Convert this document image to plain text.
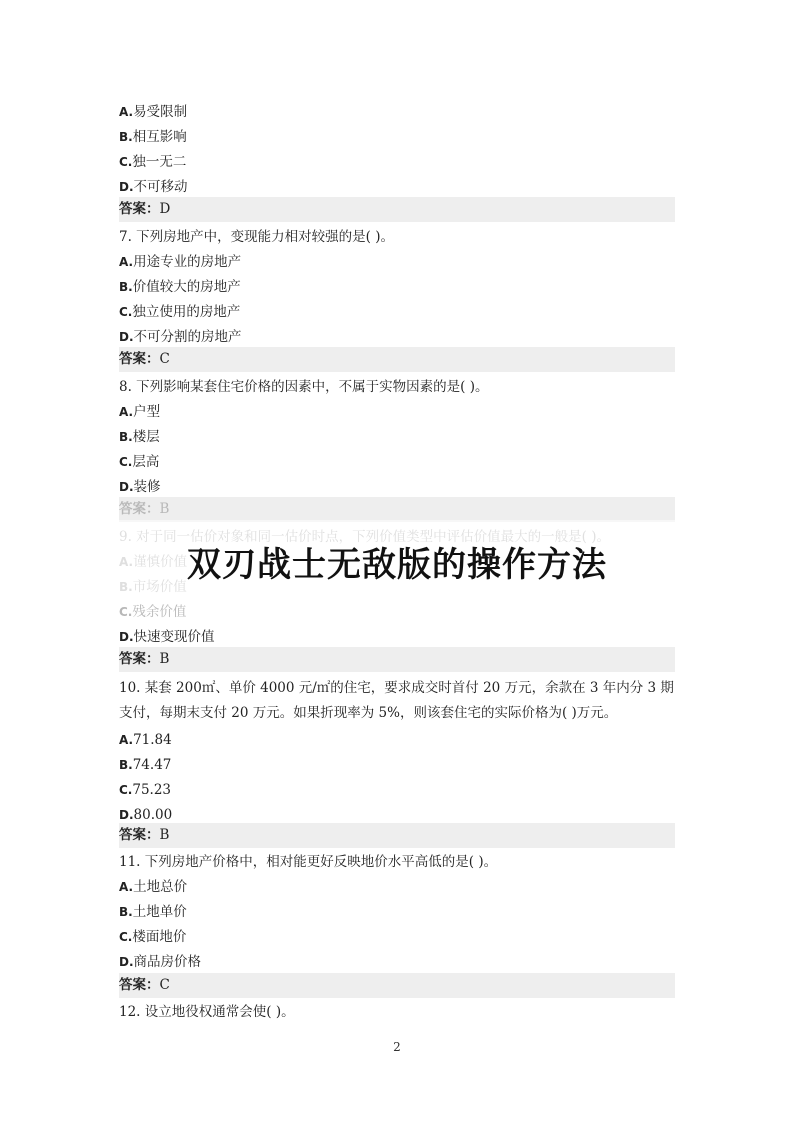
A.易受限制
B.相互影响
C.独一无二
D.不可移动
答案：D
7. 下列房地产中，变现能力相对较强的是( )。
A.用途专业的房地产
B.价值较大的房地产
C.独立使用的房地产
D.不可分割的房地产
答案：C
8. 下列影响某套住宅价格的因素中，不属于实物因素的是( )。
A.户型
B.楼层
C.层高
D.装修
答案：B
C.残余价值
D.快速变现价值
答案：B
10. 某套 200㎡、单价 4000 元/㎡的住宅，要求成交时首付 20 万元，余款在 3 年内分 3 期
支付，每期末支付 20 万元。如果折现率为 5%，则该套住宅的实际价格为( )万元。
A.71.84
B.74.47
C.75.23
D.80.00
答案：B
11. 下列房地产价格中，相对能更好反映地价水平高低的是( )。
A.土地总价
B.土地单价
C.楼面地价
D.商品房价格
答案：C
12. 设立地役权通常会使( )。
双刃战士无敌版的操作方法
2
